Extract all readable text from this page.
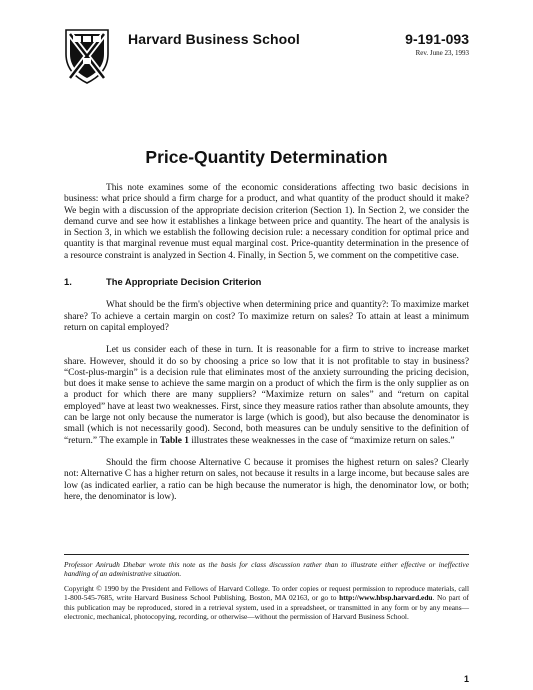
Harvard Business School	9-191-093
Rev. June 23, 1993
Price-Quantity Determination

This note examines some of the economic considerations affecting two basic decisions in business: what price should a firm charge for a product, and what quantity of the product should it make? We begin with a discussion of the appropriate decision criterion (Section 1). In Section 2, we consider the demand curve and see how it establishes a linkage between price and quantity. The heart of the analysis is in Section 3, in which we establish the following decision rule: a necessary condition for optimal price and quantity is that marginal revenue must equal marginal cost. Price-quantity determination in the presence of a resource constraint is analyzed in Section 4. Finally, in Section 5, we comment on the competitive case.

1.	The Appropriate Decision Criterion

What should be the firm's objective when determining price and quantity?: To maximize market share? To achieve a certain margin on cost? To maximize return on sales? To attain at least a minimum return on capital employed?

Let us consider each of these in turn. It is reasonable for a firm to strive to increase market share. However, should it do so by choosing a price so low that it is not profitable to stay in business? “Cost-plus-margin” is a decision rule that eliminates most of the anxiety surrounding the pricing decision, but does it make sense to achieve the same margin on a product of which the firm is the only supplier as on a product for which there are many suppliers? “Maximize return on sales” and “return on capital employed” have at least two weaknesses. First, since they measure ratios rather than absolute amounts, they can be large not only because the numerator is large (which is good), but also because the denominator is small (which is not necessarily good). Second, both measures can be unduly sensitive to the definition of “return.” The example in Table 1 illustrates these weaknesses in the case of “maximize return on sales.”

Should the firm choose Alternative C because it promises the highest return on sales? Clearly not: Alternative C has a higher return on sales, not because it results in a large income, but because sales are low (as indicated earlier, a ratio can be high because the numerator is high, the denominator low, or both; here, the denominator is low).

Professor Anirudh Dhebar wrote this note as the basis for class discussion rather than to illustrate either effective or ineffective handling of an administrative situation.

Copyright © 1990 by the President and Fellows of Harvard College. To order copies or request permission to reproduce materials, call 1-800-545-7685, write Harvard Business School Publishing, Boston, MA 02163, or go to http://www.hbsp.harvard.edu. No part of this publication may be reproduced, stored in a retrieval system, used in a spreadsheet, or transmitted in any form or by any means—electronic, mechanical, photocopying, recording, or otherwise—without the permission of Harvard Business School.

1
